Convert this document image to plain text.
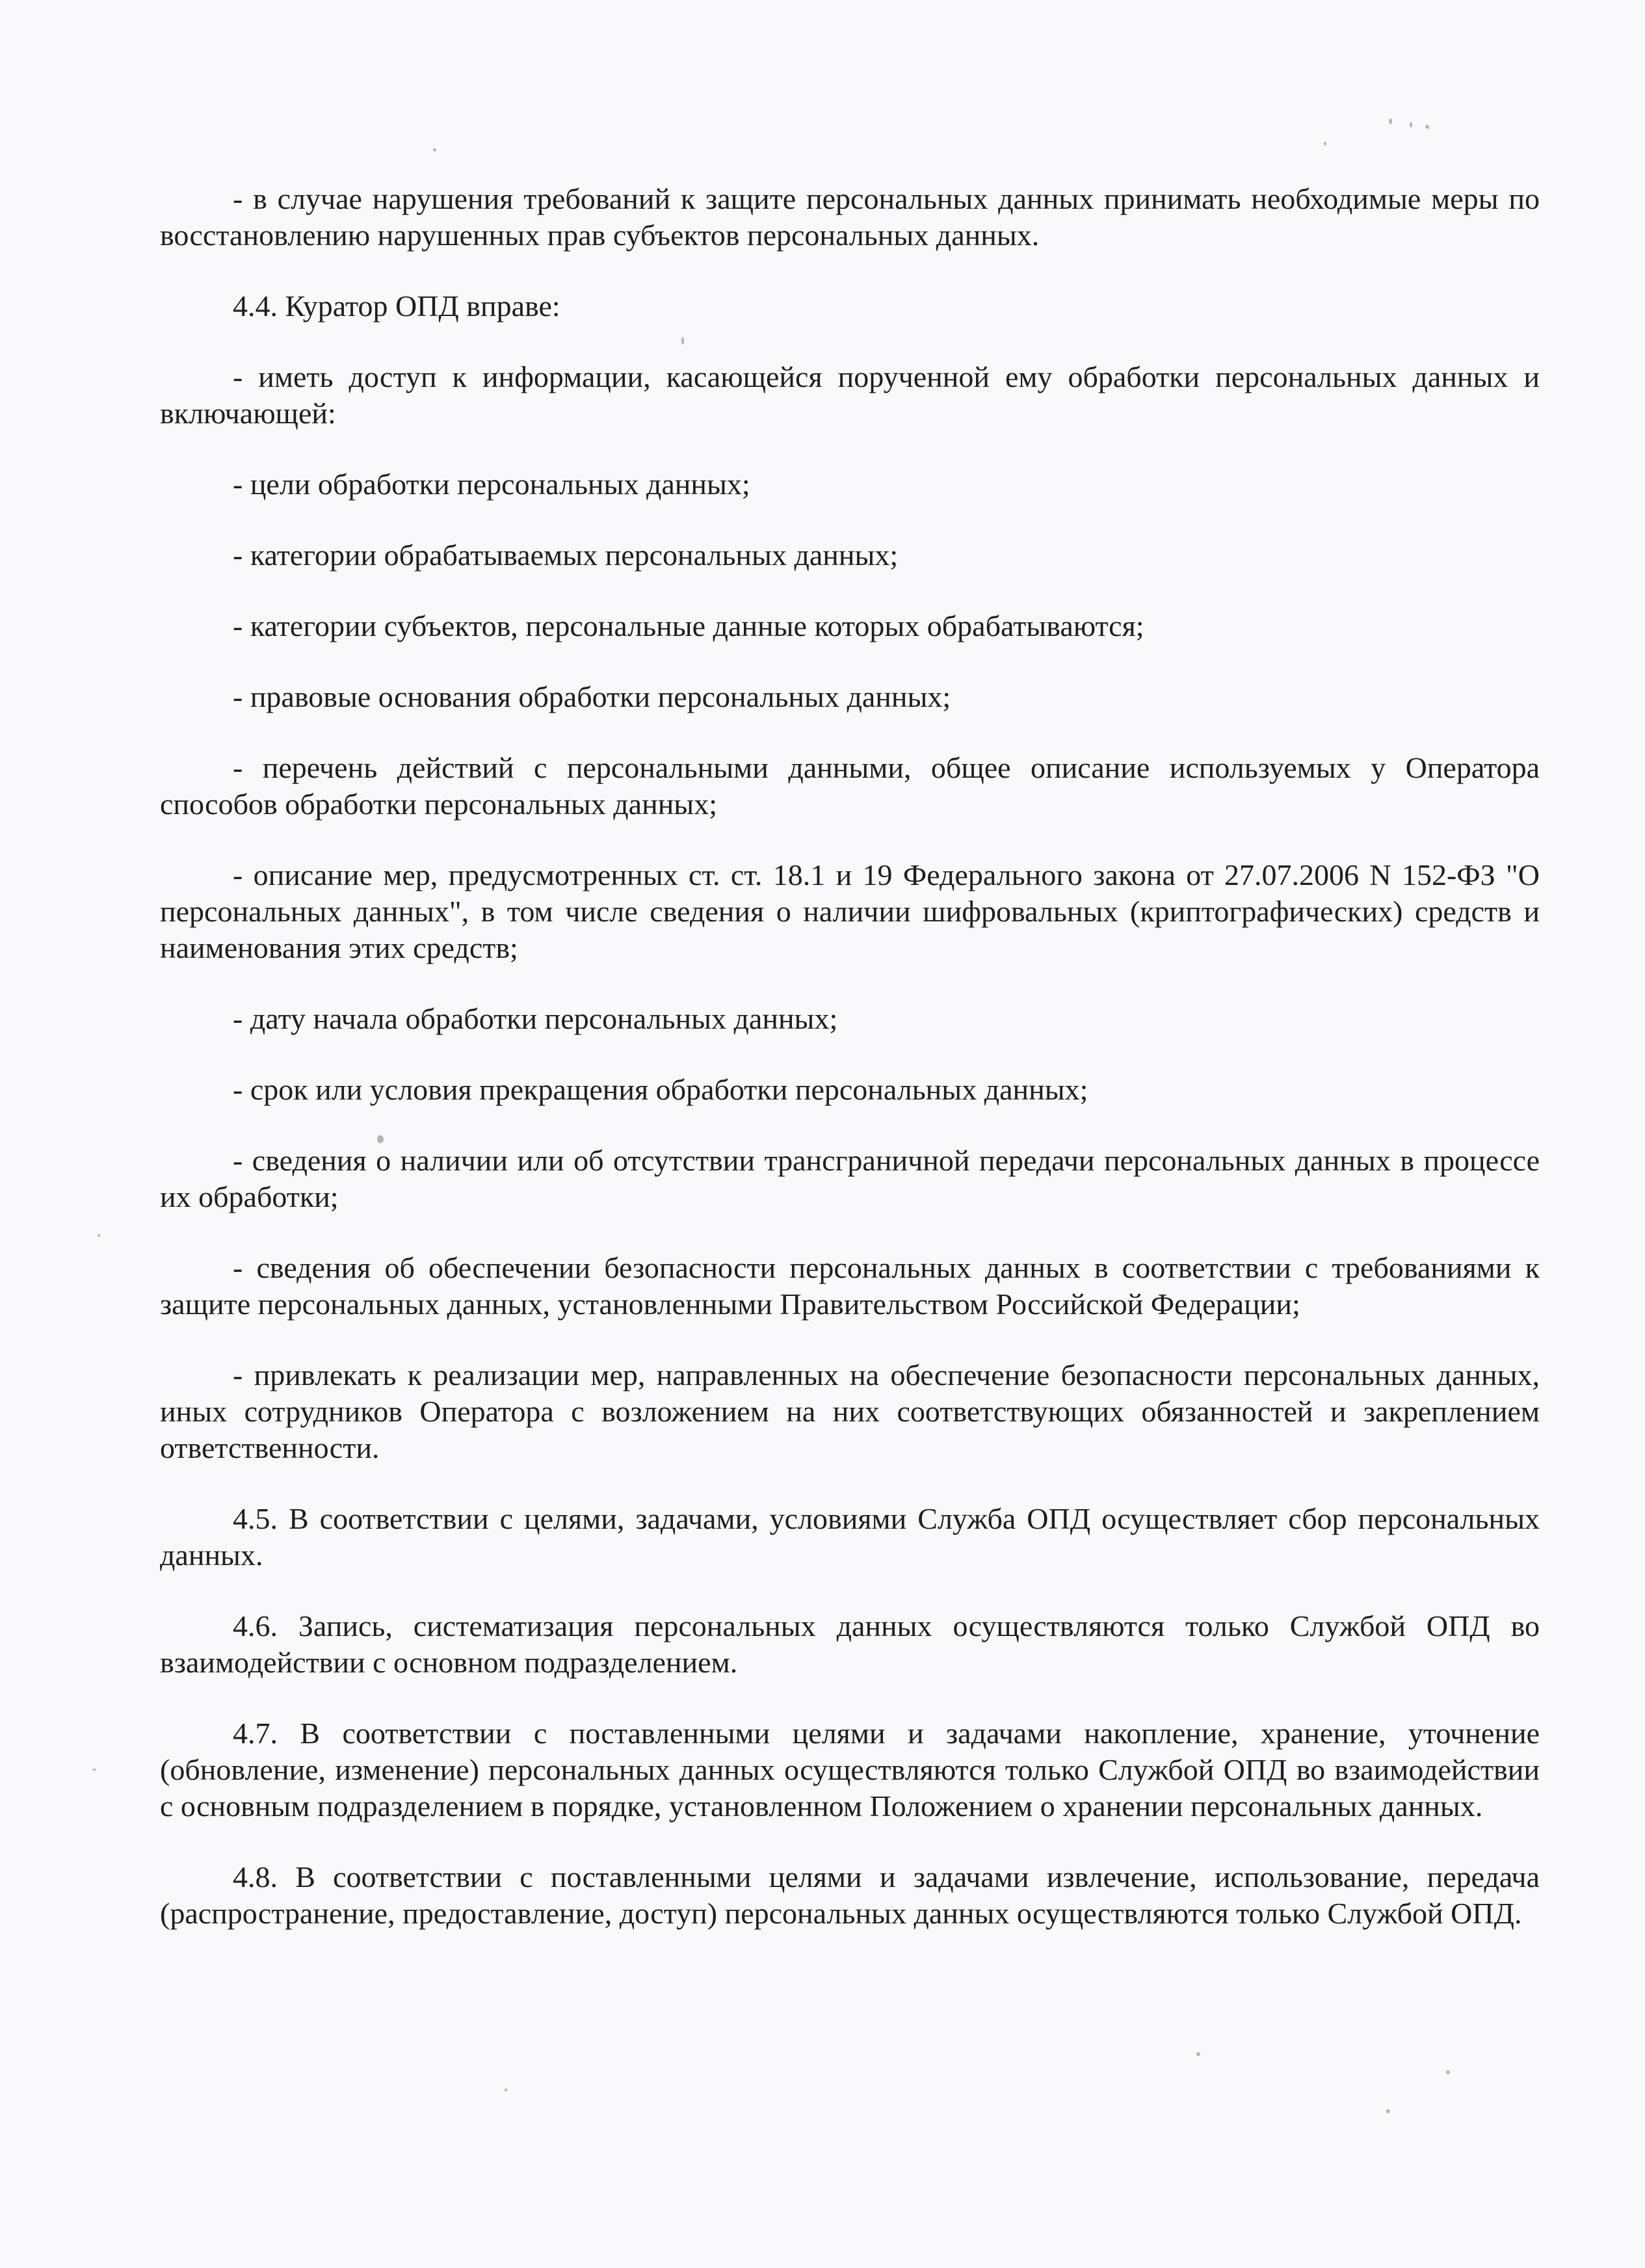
- в случае нарушения требований к защите персональных данных принимать необходимые меры по восстановлению нарушенных прав субъектов персональных данных.

4.4. Куратор ОПД вправе:

- иметь доступ к информации, касающейся порученной ему обработки персональных данных и включающей:

- цели обработки персональных данных;

- категории обрабатываемых персональных данных;

- категории субъектов, персональные данные которых обрабатываются;

- правовые основания обработки персональных данных;

- перечень действий с персональными данными, общее описание используемых у Оператора способов обработки персональных данных;

- описание мер, предусмотренных ст. ст. 18.1 и 19 Федерального закона от 27.07.2006 N 152-ФЗ "О персональных данных", в том числе сведения о наличии шифровальных (криптографических) средств и наименования этих средств;

- дату начала обработки персональных данных;

- срок или условия прекращения обработки персональных данных;

- сведения о наличии или об отсутствии трансграничной передачи персональных данных в процессе их обработки;

- сведения об обеспечении безопасности персональных данных в соответствии с требованиями к защите персональных данных, установленными Правительством Российской Федерации;

- привлекать к реализации мер, направленных на обеспечение безопасности персональных данных, иных сотрудников Оператора с возложением на них соответствующих обязанностей и закреплением ответственности.

4.5. В соответствии с целями, задачами, условиями Служба ОПД осуществляет сбор персональных данных.

4.6. Запись, систематизация персональных данных осуществляются только Службой ОПД во взаимодействии с основном подразделением.

4.7. В соответствии с поставленными целями и задачами накопление, хранение, уточнение (обновление, изменение) персональных данных осуществляются только Службой ОПД во взаимодействии с основным подразделением в порядке, установленном Положением о хранении персональных данных.

4.8. В соответствии с поставленными целями и задачами извлечение, использование, передача (распространение, предоставление, доступ) персональных данных осуществляются только Службой ОПД.
